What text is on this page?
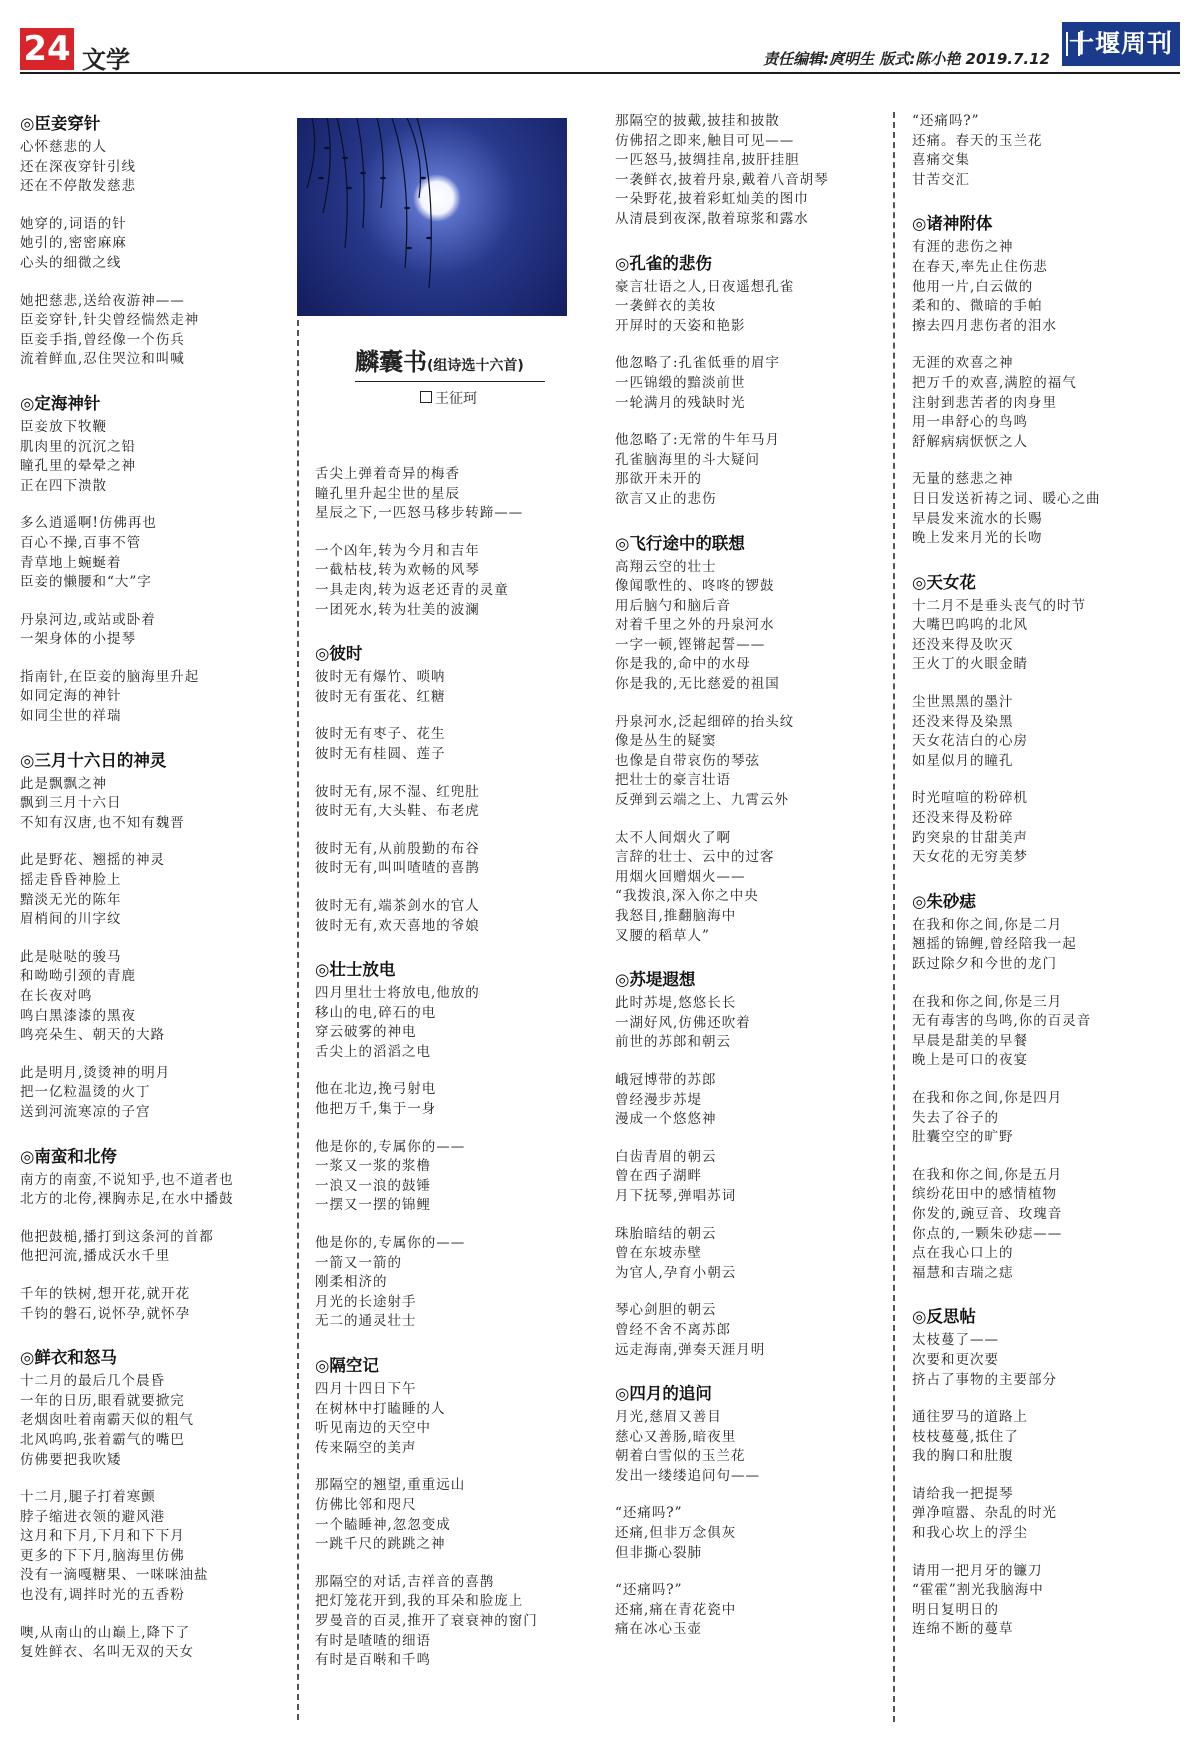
24 文学	责任编辑:庹明生 版式:陈小艳 2019.7.12
十堰周刊
麟囊书(组诗选十六首)
王征珂
◎臣妾穿针
心怀慈悲的人
还在深夜穿针引线
还在不停散发慈悲
她穿的,词语的针
她引的,密密麻麻
心头的细微之线
她把慈悲,送给夜游神——
臣妾穿针,针尖曾经惴然走神
臣妾手指,曾经像一个伤兵
流着鲜血,忍住哭泣和叫喊
◎定海神针
臣妾放下牧鞭
肌肉里的沉沉之铅
瞳孔里的晕晕之神
正在四下溃散
多么逍遥啊!仿佛再也
百心不操,百事不管
青草地上蜿蜒着
臣妾的懒腰和“大”字
丹泉河边,或站或卧着
一架身体的小提琴
指南针,在臣妾的脑海里升起
如同定海的神针
如同尘世的祥瑞
◎三月十六日的神灵
此是飘飘之神
飘到三月十六日
不知有汉唐,也不知有魏晋
此是野花、翘摇的神灵
摇走昏昏神脸上
黯淡无光的陈年
眉梢间的川字纹
此是哒哒的骏马
和呦呦引颈的青鹿
在长夜对鸣
鸣白黑漆漆的黑夜
鸣亮朵生、朝天的大路
此是明月,烫烫神的明月
把一亿粒温烫的火丁
送到河流寒凉的子宫
◎南蛮和北侉
南方的南蛮,不说知乎,也不道者也
北方的北侉,裸胸赤足,在水中播鼓
他把鼓槌,播打到这条河的首都
他把河流,播成沃水千里
千年的铁树,想开花,就开花
千钧的磐石,说怀孕,就怀孕
◎鲜衣和怒马
十二月的最后几个晨昏
一年的日历,眼看就要掀完
老烟囱吐着南霸天似的粗气
北风呜呜,张着霸气的嘴巴
仿佛要把我吹矮
十二月,腿子打着寒颤
脖子缩进衣领的避风港
这月和下月,下月和下下月
更多的下下月,脑海里仿佛
没有一滴嘎糖果、一咪咪油盐
也没有,调拌时光的五香粉
噢,从南山的山巅上,降下了
复姓鲜衣、名叫无双的天女
舌尖上弹着奇异的梅香
瞳孔里升起尘世的星辰
星辰之下,一匹怒马移步转蹄——
一个凶年,转为今月和吉年
一截枯枝,转为欢畅的风琴
一具走肉,转为返老还青的灵童
一团死水,转为壮美的波澜
◎彼时
彼时无有爆竹、唢呐
彼时无有蛋花、红糖
彼时无有枣子、花生
彼时无有桂圆、莲子
彼时无有,尿不湿、红兜肚
彼时无有,大头鞋、布老虎
彼时无有,从前殷勤的布谷
彼时无有,叫叫喳喳的喜鹊
彼时无有,端茶剑水的官人
彼时无有,欢天喜地的爷娘
◎壮士放电
四月里壮士将放电,他放的
移山的电,碎石的电
穿云破雾的神电
舌尖上的滔滔之电
他在北边,挽弓射电
他把万千,集于一身
他是你的,专属你的——
一浆又一浆的浆橹
一浪又一浪的鼓锤
一摆又一摆的锦鲤
他是你的,专属你的——
一箭又一箭的
刚柔相济的
月光的长途射手
无二的通灵壮士
◎隔空记
四月十四日下午
在树林中打瞌睡的人
听见南边的天空中
传来隔空的美声
那隔空的翘望,重重远山
仿佛比邻和咫尺
一个瞌睡神,忽忽变成
一跳千尺的跳跳之神
那隔空的对话,吉祥音的喜鹊
把灯笼花开到,我的耳朵和脸庞上
罗曼音的百灵,推开了衰衰神的窗门
有时是喳喳的细语
有时是百啭和千鸣
那隔空的披戴,披挂和披散
仿佛招之即来,触目可见——
一匹怒马,披绸挂帛,披肝挂胆
一袭鲜衣,披着丹泉,戴着八音胡琴
一朵野花,披着彩虹灿美的图巾
从清晨到夜深,散着琼浆和露水
◎孔雀的悲伤
豪言壮语之人,日夜遥想孔雀
一袭鲜衣的美妆
开屏时的天姿和艳影
他忽略了:孔雀低垂的眉宇
一匹锦缎的黯淡前世
一轮满月的残缺时光
他忽略了:无常的牛年马月
孔雀脑海里的斗大疑问
那欲开未开的
欲言又止的悲伤
◎飞行途中的联想
高翔云空的壮士
像闻歌性的、咚咚的锣鼓
用后脑勺和脑后音
对着千里之外的丹泉河水
一字一顿,铿锵起誓——
你是我的,命中的水母
你是我的,无比慈爱的祖国
丹泉河水,泛起细碎的抬头纹
像是丛生的疑窦
也像是自带哀伤的琴弦
把壮士的豪言壮语
反弹到云端之上、九霄云外
太不人间烟火了啊
言辞的壮士、云中的过客
用烟火回赠烟火——
“我拨浪,深入你之中央
我怒目,推翻脑海中
叉腰的稻草人”
◎苏堤遐想
此时苏堤,悠悠长长
一湖好风,仿佛还吹着
前世的苏郎和朝云
峨冠博带的苏郎
曾经漫步苏堤
漫成一个悠悠神
白齿青眉的朝云
曾在西子湖畔
月下抚琴,弹唱苏词
珠胎暗结的朝云
曾在东坡赤壁
为官人,孕育小朝云
琴心剑胆的朝云
曾经不舍不离苏郎
远走海南,弹奏天涯月明
◎四月的追问
月光,慈眉又善目
慈心又善肠,暗夜里
朝着白雪似的玉兰花
发出一缕缕追问句——
“还痛吗?”
还痛,但非万念俱灰
但非撕心裂肺
“还痛吗?”
还痛,痛在青花瓷中
痛在冰心玉壶
“还痛吗?”
还痛。春天的玉兰花
喜痛交集
甘苦交汇
◎诸神附体
有涯的悲伤之神
在春天,率先止住伤悲
他用一片,白云做的
柔和的、微暗的手帕
擦去四月悲伤者的泪水
无涯的欢喜之神
把万千的欢喜,满腔的福气
注射到悲苦者的肉身里
用一串舒心的鸟鸣
舒解病病恹恹之人
无量的慈悲之神
日日发送祈祷之词、暖心之曲
早晨发来流水的长赐
晚上发来月光的长吻
◎天女花
十二月不是垂头丧气的时节
大嘴巴呜呜的北风
还没来得及吹灭
王火丁的火眼金睛
尘世黑黑的墨汁
还没来得及染黑
天女花洁白的心房
如星似月的瞳孔
时光喧喧的粉碎机
还没来得及粉碎
趵突泉的甘甜美声
天女花的无穷美梦
◎朱砂痣
在我和你之间,你是二月
翘摇的锦鲤,曾经陪我一起
跃过除夕和今世的龙门
在我和你之间,你是三月
无有毒害的鸟鸣,你的百灵音
早晨是甜美的早餐
晚上是可口的夜宴
在我和你之间,你是四月
失去了谷子的
肚囊空空的旷野
在我和你之间,你是五月
缤纷花田中的感情植物
你发的,豌豆音、玫瑰音
你点的,一颗朱砂痣——
点在我心口上的
福慧和吉瑞之痣
◎反思帖
太枝蔓了——
次要和更次要
挤占了事物的主要部分
通往罗马的道路上
枝枝蔓蔓,抵住了
我的胸口和肚腹
请给我一把提琴
弹净喧嚣、杂乱的时光
和我心坎上的浮尘
请用一把月牙的镰刀
“霍霍”割光我脑海中
明日复明日的
连绵不断的蔓草
